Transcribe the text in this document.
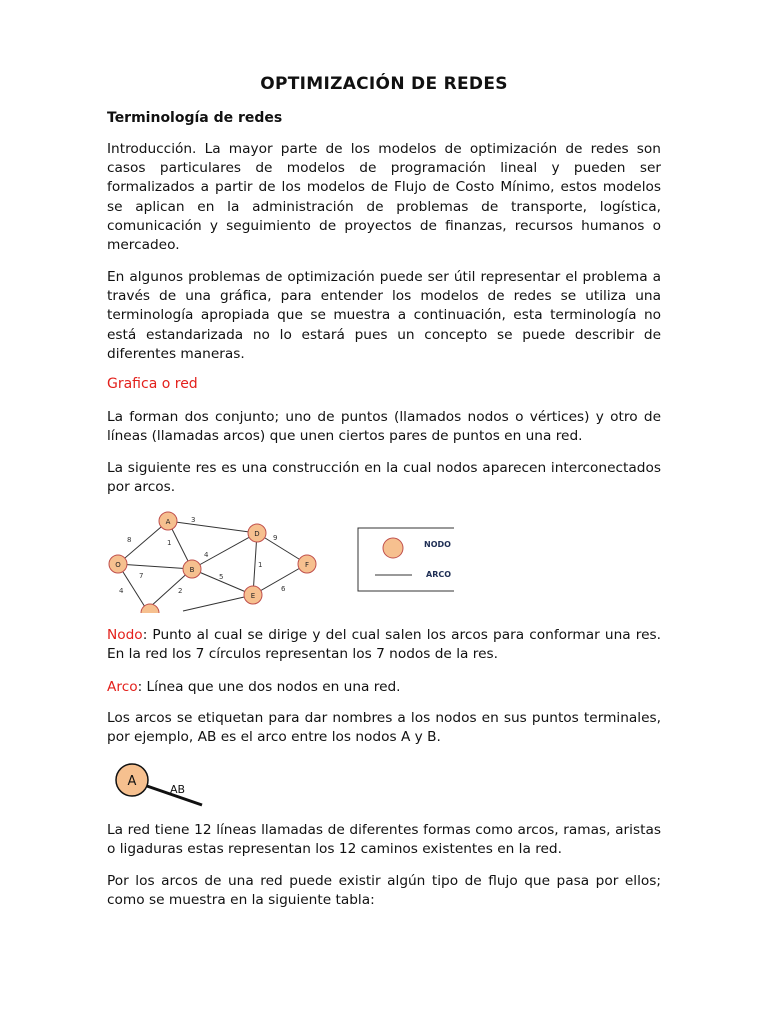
OPTIMIZACIÓN DE REDES
Terminología de redes

Introducción. La mayor parte de los modelos de optimización de redes son casos particulares de modelos de programación lineal y pueden ser formalizados a partir de los modelos de Flujo de Costo Mínimo, estos modelos se aplican en la administración de problemas de transporte, logística, comunicación y seguimiento de proyectos de finanzas, recursos humanos o mercadeo.

En algunos problemas de optimización puede ser útil representar el problema a través de una gráfica, para entender los modelos de redes se utiliza una terminología apropiada que se muestra a continuación, esta terminología no está estandarizada no lo estará pues un concepto se puede describir de diferentes maneras.

Grafica o red

La forman dos conjunto; uno de puntos (llamados nodos o vértices) y otro de líneas (llamadas arcos) que unen ciertos pares de puntos en una red.

La siguiente res es una construcción en la cual nodos aparecen interconectados por arcos.

Nodo: Punto al cual se dirige y del cual salen los arcos para conformar una res. En la red los 7 círculos representan los 7 nodos de la res.

Arco: Línea que une dos nodos en una red.

Los arcos se etiquetan para dar nombres a los nodos en sus puntos terminales, por ejemplo, AB es el arco entre los nodos A y B.

La red tiene 12 líneas llamadas de diferentes formas como arcos, ramas, aristas o ligaduras estas representan los 12 caminos existentes en la red.

Por los arcos de una red puede existir algún tipo de flujo que pasa por ellos; como se muestra en la siguiente tabla:

3
8	1
4
9
7	5
1
4	2	6
A
O
B
D
E
F
NODO
ARCO
A
AB
